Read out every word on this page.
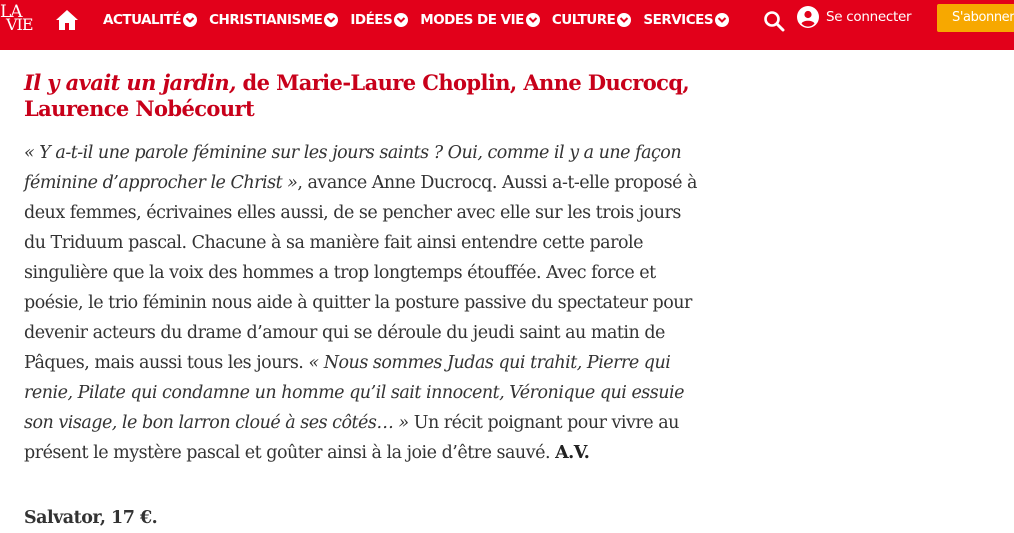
LA
VIE	ACTUALITÉ CHRISTIANISME IDÉES MODES DE VIE CULTURE SERVICES	Se connecter	S'abonner
Il y avait un jardin, de Marie-Laure Choplin, Anne Ducrocq, Laurence Nobécourt

« Y a-t-il une parole féminine sur les jours saints ? Oui, comme il y a une façon féminine d’approcher le Christ », avance Anne Ducrocq. Aussi a-t-elle proposé à deux femmes, écrivaines elles aussi, de se pencher avec elle sur les trois jours du Triduum pascal. Chacune à sa manière fait ainsi entendre cette parole singulière que la voix des hommes a trop longtemps étouffée. Avec force et poésie, le trio féminin nous aide à quitter la posture passive du spectateur pour devenir acteurs du drame d’amour qui se déroule du jeudi saint au matin de Pâques, mais aussi tous les jours. « Nous sommes Judas qui trahit, Pierre qui renie, Pilate qui condamne un homme qu’il sait innocent, Véronique qui essuie son visage, le bon larron cloué à ses côtés… » Un récit poignant pour vivre au présent le mystère pascal et goûter ainsi à la joie d’être sauvé. A.V.

Salvator, 17 €.
